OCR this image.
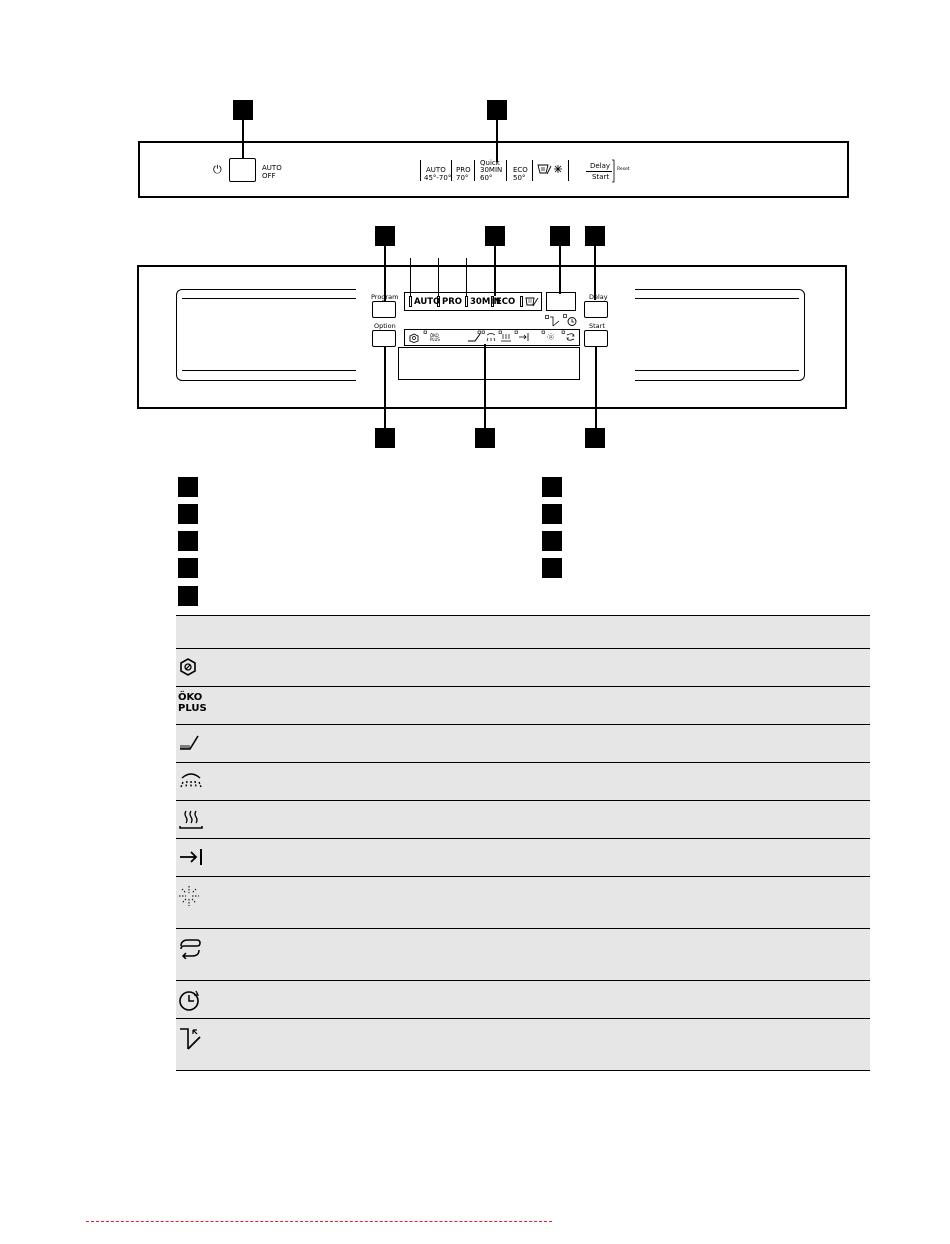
⏻	AUTO
OFF
AUTO
45°-70°
PRO
70°
Quick
30MIN
60°
ECO
50°
Delay
Start
Reset
Program
Option
AUTO PRO 30MIN
ECO	Delay
Start
ÖKO
PLUS

ÖKO
PLUS	
